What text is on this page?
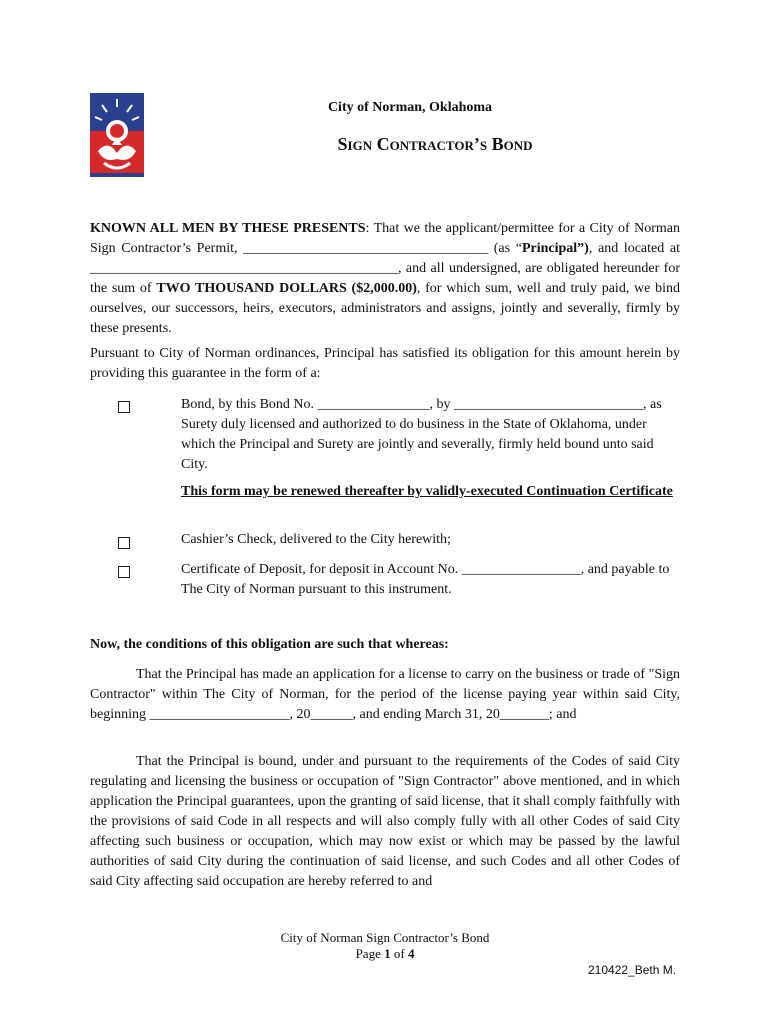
City of Norman, Oklahoma
Sign Contractor’s Bond

KNOWN ALL MEN BY THESE PRESENTS: That we the applicant/permittee for a City of Norman Sign Contractor’s Permit, ___________________________________ (as “Principal”), and located at ____________________________________________, and all undersigned, are obligated hereunder for the sum of TWO THOUSAND DOLLARS ($2,000.00), for which sum, well and truly paid, we bind ourselves, our successors, heirs, executors, administrators and assigns, jointly and severally, firmly by these presents.

Pursuant to City of Norman ordinances, Principal has satisfied its obligation for this amount herein by providing this guarantee in the form of a:

Bond, by this Bond No. ________________, by ___________________________, as Surety duly licensed and authorized to do business in the State of Oklahoma, under which the Principal and Surety are jointly and severally, firmly held bound unto said City.

This form may be renewed thereafter by validly-executed Continuation Certificate

Cashier’s Check, delivered to the City herewith;

Certificate of Deposit, for deposit in Account No. _________________, and payable to The City of Norman pursuant to this instrument.

Now, the conditions of this obligation are such that whereas:

That the Principal has made an application for a license to carry on the business or trade of "Sign Contractor" within The City of Norman, for the period of the license paying year within said City, beginning ____________________, 20______, and ending March 31, 20_______; and

That the Principal is bound, under and pursuant to the requirements of the Codes of said City regulating and licensing the business or occupation of "Sign Contractor" above mentioned, and in which application the Principal guarantees, upon the granting of said license, that it shall comply faithfully with the provisions of said Code in all respects and will also comply fully with all other Codes of said City affecting such business or occupation, which may now exist or which may be passed by the lawful authorities of said City during the continuation of said license, and such Codes and all other Codes of said City affecting said occupation are hereby referred to and

City of Norman Sign Contractor’s Bond
Page 1 of 4
210422_Beth M.
